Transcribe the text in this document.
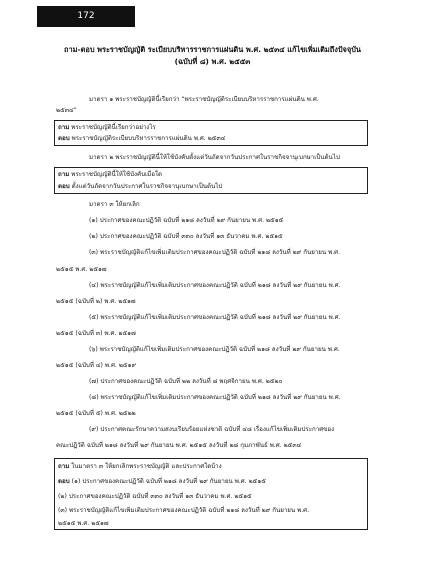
172
ถาม-ตอบ พระราชบัญญัติ ระเบียบบริหารราชการแผ่นดิน พ.ศ. ๒๕๓๔ แก้ไขเพิ่มเติมถึงปัจจุบัน
(ฉบับที่ ๘) พ.ศ. ๒๕๕๓
มาตรา ๑ พระราชบัญญัตินี้เรียกว่า “พระราชบัญญัติระเบียบบริหารราชการแผ่นดิน พ.ศ.
๒๕๓๔”
ถาม พระราชบัญญัตินี้เรียกว่าอย่างไร
ตอบ พระราชบัญญัติระเบียบบริหารราชการแผ่นดิน พ.ศ. ๒๕๓๔
มาตรา ๒ พระราชบัญญัตินี้ให้ใช้บังคับตั้งแต่วันถัดจากวันประกาศในราชกิจจานุเบกษาเป็นต้นไป
ถาม พระราชบัญญัตินี้ให้ใช้บังคับเมื่อใด
ตอบ ตั้งแต่วันถัดจากวันประกาศในราชกิจจานุเบกษาเป็นต้นไป
มาตรา ๓ ให้ยกเลิก
(๑) ประกาศของคณะปฏิวัติ ฉบับที่ ๒๑๘ ลงวันที่ ๒๙ กันยายน พ.ศ. ๒๕๑๕
(๒) ประกาศของคณะปฏิวัติ ฉบับที่ ๓๓๐ ลงวันที่ ๑๓ ธันวาคม พ.ศ. ๒๕๑๕
(๓) พระราชบัญญัติแก้ไขเพิ่มเติมประกาศของคณะปฏิวัติ ฉบับที่ ๒๑๘ ลงวันที่ ๒๙ กันยายน พ.ศ.
๒๕๑๕ พ.ศ. ๒๕๑๗
(๔) พระราชบัญญัติแก้ไขเพิ่มเติมประกาศของคณะปฏิวัติ ฉบับที่ ๒๑๘ ลงวันที่ ๒๙ กันยายน พ.ศ.
๒๕๑๕ (ฉบับที่ ๒) พ.ศ. ๒๕๑๗
(๕) พระราชบัญญัติแก้ไขเพิ่มเติมประกาศของคณะปฏิวัติ ฉบับที่ ๒๑๘ ลงวันที่ ๒๙ กันยายน พ.ศ.
๒๕๑๕ (ฉบับที่ ๓) พ.ศ. ๒๕๑๗
(๖) พระราชบัญญัติแก้ไขเพิ่มเติมประกาศของคณะปฏิวัติ ฉบับที่ ๒๑๘ ลงวันที่ ๒๙ กันยายน พ.ศ.
๒๕๑๕ (ฉบับที่ ๔) พ.ศ. ๒๕๑๙
(๗) ประกาศของคณะปฏิวัติ ฉบับที่ ๒๒ ลงวันที่ ๘ พฤศจิกายน พ.ศ. ๒๕๒๐
(๘) พระราชบัญญัติแก้ไขเพิ่มเติมประกาศของคณะปฏิวัติ ฉบับที่ ๒๑๘ ลงวันที่ ๒๙ กันยายน พ.ศ.
๒๕๑๕ (ฉบับที่ ๕) พ.ศ. ๒๕๒๒
(๙) ประกาศคณะรักษาความสงบเรียบร้อยแห่งชาติ ฉบับที่ ๔๘ เรื่องแก้ไขเพิ่มเติมประกาศของ
คณะปฏิวัติ ฉบับที่ ๒๑๘ ลงวันที่ ๒๙ กันยายน พ.ศ. ๒๕๑๕ ลงวันที่ ๒๘ กุมภาพันธ์ พ.ศ. ๒๕๓๔
ถาม ในมาตรา ๓ ให้ยกเลิกพระราชบัญญัติ และประกาศใดบ้าง
ตอบ (๑) ประกาศของคณะปฏิวัติ ฉบับที่ ๒๑๘ ลงวันที่ ๒๙ กันยายน พ.ศ. ๒๕๑๕
(๒) ประกาศของคณะปฏิวัติ ฉบับที่ ๓๓๐ ลงวันที่ ๑๓ ธันวาคม พ.ศ. ๒๕๑๕
(๓) พระราชบัญญัติแก้ไขเพิ่มเติมประกาศของคณะปฏิวัติ ฉบับที่ ๒๑๘ ลงวันที่ ๒๙ กันยายน พ.ศ.
๒๕๑๕ พ.ศ. ๒๕๑๗
